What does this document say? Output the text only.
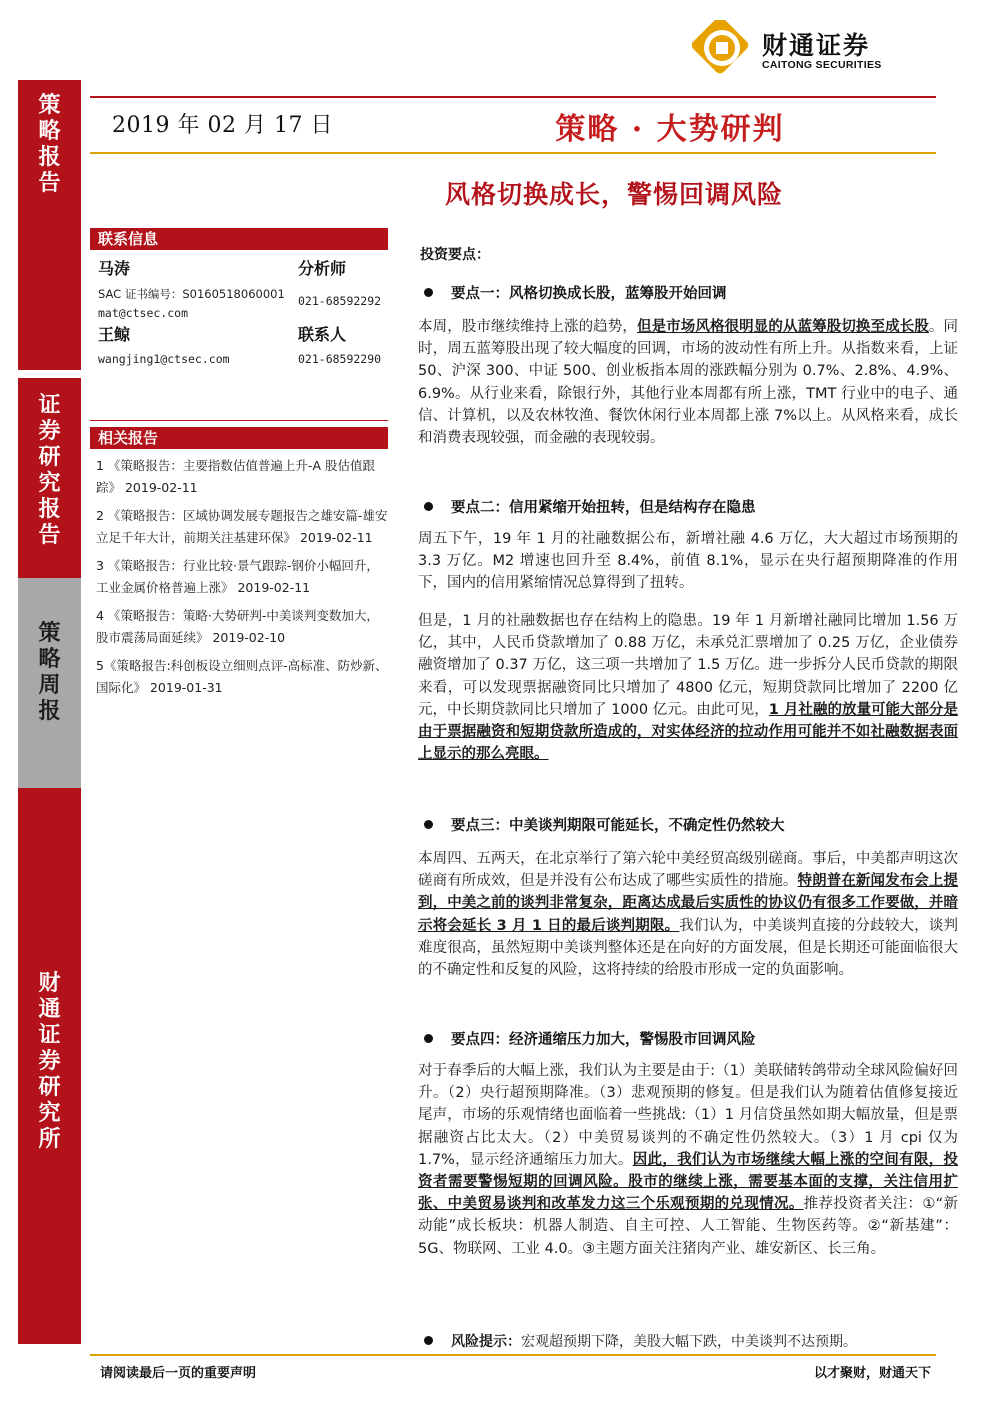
策略报告
证券研究报告
策略周报
财通证券研究所
财通证券
CAITONG SECURITIES
2019 年 02 月 17 日	策略 · 大势研判
风格切换成长，警惕回调风险
联系信息
马涛	分析师
SAC 证书编号：S0160518060001 021-68592292
mat@ctsec.com
王鲸	联系人
wangjing1@ctsec.com	021-68592290
相关报告
1 《策略报告：主要指数估值普遍上升-A 股估值跟踪》 2019-02-11
2 《策略报告：区域协调发展专题报告之雄安篇-雄安立足千年大计，前期关注基建环保》 2019-02-11
3 《策略报告：行业比较·景气跟踪-钢价小幅回升，工业金属价格普遍上涨》 2019-02-11
4 《策略报告：策略·大势研判-中美谈判变数加大，股市震荡局面延续》 2019-02-10
5《策略报告:科创板设立细则点评-高标准、防炒新、国际化》 2019-01-31
投资要点：
要点一：风格切换成长股，蓝筹股开始回调
本周，股市继续维持上涨的趋势，但是市场风格很明显的从蓝筹股切换至成长股。同时，周五蓝筹股出现了较大幅度的回调，市场的波动性有所上升。从指数来看，上证 50、沪深 300、中证 500、创业板指本周的涨跌幅分别为 0.7%、2.8%、4.9%、6.9%。从行业来看，除银行外，其他行业本周都有所上涨，TMT 行业中的电子、通信、计算机，以及农林牧渔、餐饮休闲行业本周都上涨 7%以上。从风格来看，成长和消费表现较强，而金融的表现较弱。
要点二：信用紧缩开始扭转，但是结构存在隐患
周五下午，19 年 1 月的社融数据公布，新增社融 4.6 万亿，大大超过市场预期的 3.3 万亿。M2 增速也回升至 8.4%，前值 8.1%，显示在央行超预期降准的作用下，国内的信用紧缩情况总算得到了扭转。
但是，1 月的社融数据也存在结构上的隐患。19 年 1 月新增社融同比增加 1.56 万亿，其中，人民币贷款增加了 0.88 万亿，未承兑汇票增加了 0.25 万亿，企业债券融资增加了 0.37 万亿，这三项一共增加了 1.5 万亿。进一步拆分人民币贷款的期限来看，可以发现票据融资同比只增加了 4800 亿元，短期贷款同比增加了 2200 亿元，中长期贷款同比只增加了 1000 亿元。由此可见，1 月社融的放量可能大部分是由于票据融资和短期贷款所造成的，对实体经济的拉动作用可能并不如社融数据表面上显示的那么亮眼。
要点三：中美谈判期限可能延长，不确定性仍然较大
本周四、五两天，在北京举行了第六轮中美经贸高级别磋商。事后，中美都声明这次磋商有所成效，但是并没有公布达成了哪些实质性的措施。特朗普在新闻发布会上提到，中美之前的谈判非常复杂，距离达成最后实质性的协议仍有很多工作要做，并暗示将会延长 3 月 1 日的最后谈判期限。我们认为，中美谈判直接的分歧较大，谈判难度很高，虽然短期中美谈判整体还是在向好的方面发展，但是长期还可能面临很大的不确定性和反复的风险，这将持续的给股市形成一定的负面影响。
要点四：经济通缩压力加大，警惕股市回调风险
对于春季后的大幅上涨，我们认为主要是由于:（1）美联储转鸽带动全球风险偏好回升。（2）央行超预期降准。（3）悲观预期的修复。但是我们认为随着估值修复接近尾声，市场的乐观情绪也面临着一些挑战:（1）1 月信贷虽然如期大幅放量，但是票据融资占比太大。（2）中美贸易谈判的不确定性仍然较大。（3）1 月 cpi 仅为 1.7%，显示经济通缩压力加大。因此，我们认为市场继续大幅上涨的空间有限，投资者需要警惕短期的回调风险。股市的继续上涨，需要基本面的支撑，关注信用扩张、中美贸易谈判和改革发力这三个乐观预期的兑现情况。推荐投资者关注：①“新动能”成长板块：机器人制造、自主可控、人工智能、生物医药等。②“新基建”：5G、物联网、工业 4.0。③主题方面关注猪肉产业、雄安新区、长三角。
风险提示：宏观超预期下降，美股大幅下跌，中美谈判不达预期。
请阅读最后一页的重要声明	以才聚财，财通天下
